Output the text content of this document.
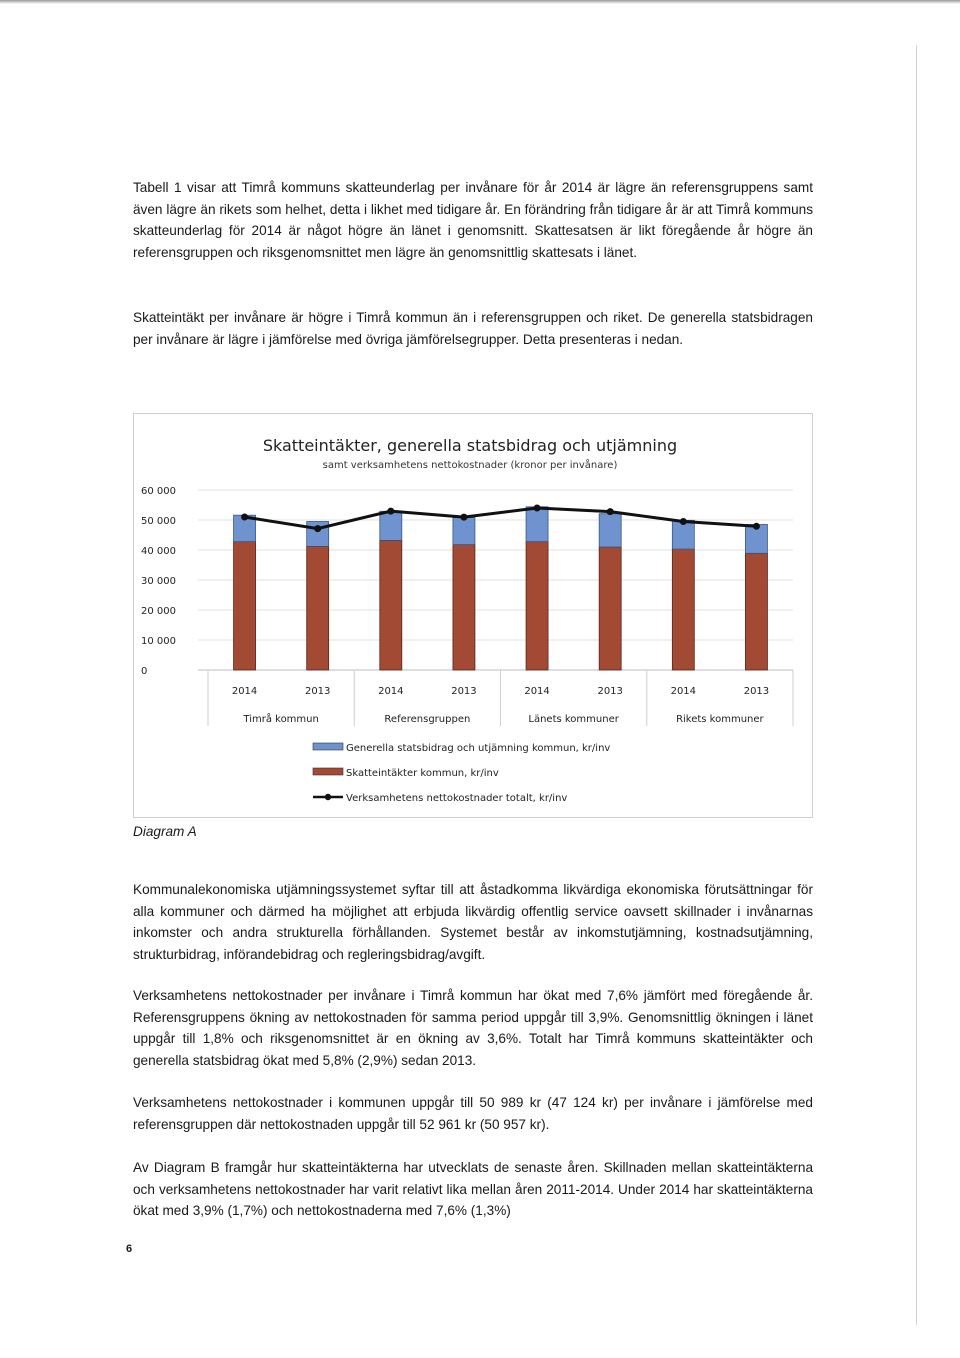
Tabell 1 visar att Timrå kommuns skatteunderlag per invånare för år 2014 är lägre än referensgruppens samt även lägre än rikets som helhet, detta i likhet med tidigare år. En förändring från tidigare år är att Timrå kommuns skatteunderlag för 2014 är något högre än länet i genomsnitt. Skattesatsen är likt föregående år högre än referensgruppen och riksgenomsnittet men lägre än genomsnittlig skattesats i länet.

Skatteintäkt per invånare är högre i Timrå kommun än i referensgruppen och riket. De generella statsbidragen per invånare är lägre i jämförelse med övriga jämförelsegrupper. Detta presenteras i nedan.

Skatteintäkter, generella statsbidrag och utjämning
samt verksamhetens nettokostnader (kronor per invånare)
0
10 000
20 000
30 000
40 000
50 000
60 000
2014	2013	2014	2013	2014	2013	2014	2013
Timrå kommun	Referensgruppen	Länets kommuner	Rikets kommuner
Generella statsbidrag och utjämning kommun, kr/inv
Skatteintäkter kommun, kr/inv
Verksamhetens nettokostnader totalt, kr/inv
Diagram A

Kommunalekonomiska utjämningssystemet syftar till att åstadkomma likvärdiga ekonomiska förutsättningar för alla kommuner och därmed ha möjlighet att erbjuda likvärdig offentlig service oavsett skillnader i invånarnas inkomster och andra strukturella förhållanden. Systemet består av inkomstutjämning, kostnadsutjämning, strukturbidrag, införandebidrag och regleringsbidrag/avgift.

Verksamhetens nettokostnader per invånare i Timrå kommun har ökat med 7,6% jämfört med föregående år. Referensgruppens ökning av nettokostnaden för samma period uppgår till 3,9%. Genomsnittlig ökningen i länet uppgår till 1,8% och riksgenomsnittet är en ökning av 3,6%. Totalt har Timrå kommuns skatteintäkter och generella statsbidrag ökat med 5,8% (2,9%) sedan 2013.

Verksamhetens nettokostnader i kommunen uppgår till 50 989 kr (47 124 kr) per invånare i jämförelse med referensgruppen där nettokostnaden uppgår till 52 961 kr (50 957 kr).

Av Diagram B framgår hur skatteintäkterna har utvecklats de senaste åren. Skillnaden mellan skatteintäkterna och verksamhetens nettokostnader har varit relativt lika mellan åren 2011-2014. Under 2014 har skatteintäkterna ökat med 3,9% (1,7%) och nettokostnaderna med 7,6% (1,3%)

6
